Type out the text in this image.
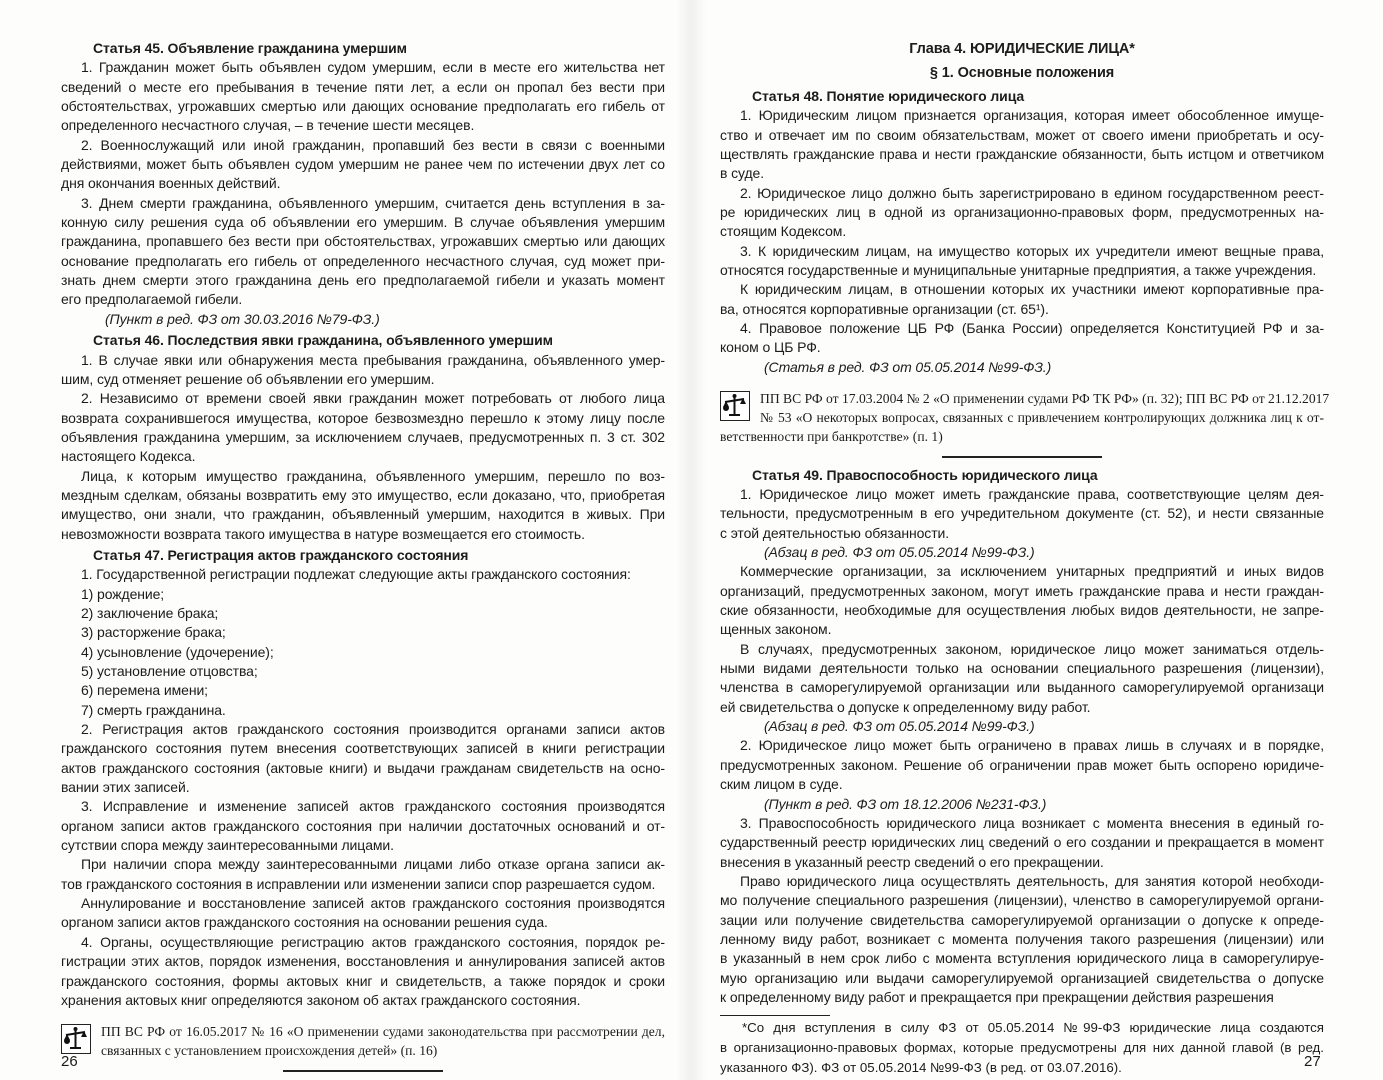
Статья 45. Объявление гражданина умершим
1. Гражданин может быть объявлен судом умершим, если в месте его жительства нет
сведений о месте его пребывания в течение пяти лет, а если он пропал без вести при
обстоятельствах, угрожавших смертью или дающих основание предполагать его гибель от
определенного несчастного случая, – в течение шести месяцев.
2. Военнослужащий или иной гражданин, пропавший без вести в связи с военными
действиями, может быть объявлен судом умершим не ранее чем по истечении двух лет со
дня окончания военных действий.
3. Днем смерти гражданина, объявленного умершим, считается день вступления в за-
конную силу решения суда об объявлении его умершим. В случае объявления умершим
гражданина, пропавшего без вести при обстоятельствах, угрожавших смертью или дающих
основание предполагать его гибель от определенного несчастного случая, суд может при-
знать днем смерти этого гражданина день его предполагаемой гибели и указать момент
его предполагаемой гибели.
(Пункт в ред. ФЗ от 30.03.2016 №79-ФЗ.)
Статья 46. Последствия явки гражданина, объявленного умершим
1. В случае явки или обнаружения места пребывания гражданина, объявленного умер-
шим, суд отменяет решение об объявлении его умершим.
2. Независимо от времени своей явки гражданин может потребовать от любого лица
возврата сохранившегося имущества, которое безвозмездно перешло к этому лицу после
объявления гражданина умершим, за исключением случаев, предусмотренных п. 3 ст. 302
настоящего Кодекса.
Лица, к которым имущество гражданина, объявленного умершим, перешло по воз-
мездным сделкам, обязаны возвратить ему это имущество, если доказано, что, приобретая
имущество, они знали, что гражданин, объявленный умершим, находится в живых. При
невозможности возврата такого имущества в натуре возмещается его стоимость.
Статья 47. Регистрация актов гражданского состояния
1. Государственной регистрации подлежат следующие акты гражданского состояния:
1) рождение;
2) заключение брака;
3) расторжение брака;
4) усыновление (удочерение);
5) установление отцовства;
6) перемена имени;
7) смерть гражданина.
2. Регистрация актов гражданского состояния производится органами записи актов
гражданского состояния путем внесения соответствующих записей в книги регистрации
актов гражданского состояния (актовые книги) и выдачи гражданам свидетельств на осно-
вании этих записей.
3. Исправление и изменение записей актов гражданского состояния производятся
органом записи актов гражданского состояния при наличии достаточных оснований и от-
сутствии спора между заинтересованными лицами.
При наличии спора между заинтересованными лицами либо отказе органа записи ак-
тов гражданского состояния в исправлении или изменении записи спор разрешается судом.
Аннулирование и восстановление записей актов гражданского состояния производятся
органом записи актов гражданского состояния на основании решения суда.
4. Органы, осуществляющие регистрацию актов гражданского состояния, порядок ре-
гистрации этих актов, порядок изменения, восстановления и аннулирования записей актов
гражданского состояния, формы актовых книг и свидетельств, а также порядок и сроки
хранения актовых книг определяются законом об актах гражданского состояния.
ПП ВС РФ от 16.05.2017 № 16 «О применении судами законодательства при рассмотрении дел,
связанных с установлением происхождения детей» (п. 16)
Глава 4. ЮРИДИЧЕСКИЕ ЛИЦА*
§ 1. Основные положения
Статья 48. Понятие юридического лица
1. Юридическим лицом признается организация, которая имеет обособленное имуще-
ство и отвечает им по своим обязательствам, может от своего имени приобретать и осу-
ществлять гражданские права и нести гражданские обязанности, быть истцом и ответчиком
в суде.
2. Юридическое лицо должно быть зарегистрировано в едином государственном реест-
ре юридических лиц в одной из организационно-правовых форм, предусмотренных на-
стоящим Кодексом.
3. К юридическим лицам, на имущество которых их учредители имеют вещные права,
относятся государственные и муниципальные унитарные предприятия, а также учреждения.
К юридическим лицам, в отношении которых их участники имеют корпоративные пра-
ва, относятся корпоративные организации (ст. 65¹).
4. Правовое положение ЦБ РФ (Банка России) определяется Конституцией РФ и за-
коном о ЦБ РФ.
(Статья в ред. ФЗ от 05.05.2014 №99-ФЗ.)
ПП ВС РФ от 17.03.2004 № 2 «О применении судами РФ ТК РФ» (п. 32); ПП ВС РФ от 21.12.2017
№ 53 «О некоторых вопросах, связанных с привлечением контролирующих должника лиц к от-
ветственности при банкротстве» (п. 1)
Статья 49. Правоспособность юридического лица
1. Юридическое лицо может иметь гражданские права, соответствующие целям дея-
тельности, предусмотренным в его учредительном документе (ст. 52), и нести связанные
с этой деятельностью обязанности.
(Абзац в ред. ФЗ от 05.05.2014 №99-ФЗ.)
Коммерческие организации, за исключением унитарных предприятий и иных видов
организаций, предусмотренных законом, могут иметь гражданские права и нести граждан-
ские обязанности, необходимые для осуществления любых видов деятельности, не запре-
щенных законом.
В случаях, предусмотренных законом, юридическое лицо может заниматься отдель-
ными видами деятельности только на основании специального разрешения (лицензии),
членства в саморегулируемой организации или выданного саморегулируемой организаци
ей свидетельства о допуске к определенному виду работ.
(Абзац в ред. ФЗ от 05.05.2014 №99-ФЗ.)
2. Юридическое лицо может быть ограничено в правах лишь в случаях и в порядке,
предусмотренных законом. Решение об ограничении прав может быть оспорено юридиче-
ским лицом в суде.
(Пункт в ред. ФЗ от 18.12.2006 №231-ФЗ.)
3. Правоспособность юридического лица возникает с момента внесения в единый го-
сударственный реестр юридических лиц сведений о его создании и прекращается в момент
внесения в указанный реестр сведений о его прекращении.
Право юридического лица осуществлять деятельность, для занятия которой необходи-
мо получение специального разрешения (лицензии), членство в саморегулируемой органи-
зации или получение свидетельства саморегулируемой организации о допуске к опреде-
ленному виду работ, возникает с момента получения такого разрешения (лицензии) или
в указанный в нем срок либо с момента вступления юридического лица в саморегулируе-
мую организацию или выдачи саморегулируемой организацией свидетельства о допуске
к определенному виду работ и прекращается при прекращении действия разрешения
*Со дня вступления в силу ФЗ от 05.05.2014 №99-ФЗ юридические лица создаются
в организационно-правовых формах, которые предусмотрены для них данной главой (в ред.
указанного ФЗ). ФЗ от 05.05.2014 №99-ФЗ (в ред. от 03.07.2016).
26	27
